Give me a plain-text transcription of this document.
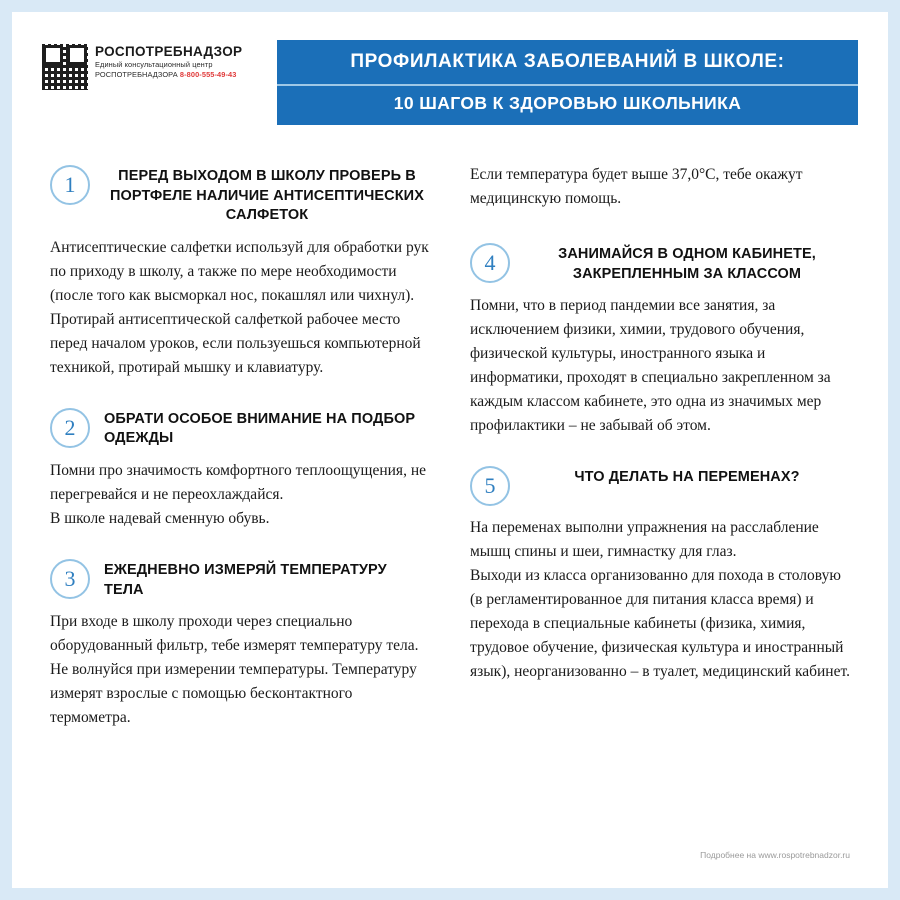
РОСПОТРЕБНАДЗОР
Единый консультационный центр
РОСПОТРЕБНАДЗОРА 8-800-555-49-43
ПРОФИЛАКТИКА ЗАБОЛЕВАНИЙ В ШКОЛЕ:
10 ШАГОВ К ЗДОРОВЬЮ ШКОЛЬНИКА
1	ПЕРЕД ВЫХОДОМ В ШКОЛУ ПРОВЕРЬ В ПОРТФЕЛЕ НАЛИЧИЕ АНТИСЕПТИЧЕСКИХ САЛФЕТОК

Антисептические салфетки используй для обработки рук по приходу в школу, а также по мере необходимости (после того как высморкал нос, покашлял или чихнул).

Протирай антисептической салфеткой рабочее место перед началом уроков, если пользуешься компьютерной техникой, протирай мышку и клавиатуру.

2	ОБРАТИ ОСОБОЕ ВНИМАНИЕ НА ПОДБОР ОДЕЖДЫ

Помни про значимость комфортного теплоощущения, не перегревайся и не переохлаждайся.

В школе надевай сменную обувь.

3	ЕЖЕДНЕВНО ИЗМЕРЯЙ ТЕМПЕРАТУРУ ТЕЛА

При входе в школу проходи через специально оборудованный фильтр, тебе измерят температуру тела.

Не волнуйся при измерении температуры. Температуру измерят взрослые с помощью бесконтактного термометра.

Если температура будет выше 37,0°С, тебе окажут медицинскую помощь.

4	ЗАНИМАЙСЯ В ОДНОМ КАБИНЕТЕ, ЗАКРЕПЛЕННЫМ ЗА КЛАССОМ

Помни, что в период пандемии все занятия, за исключением физики, химии, трудового обучения, физической культуры, иностранного языка и информатики, проходят в специально закрепленном за каждым классом кабинете, это одна из значимых мер профилактики – не забывай об этом.

5	ЧТО ДЕЛАТЬ НА ПЕРЕМЕНАХ?

На переменах выполни упражнения на расслабление мышц спины и шеи, гимнастку для глаз.

Выходи из класса организованно для похода в столовую (в регламентированное для питания класса время) и перехода в специальные кабинеты (физика, химия, трудовое обучение, физическая культура и иностранный язык), неорганизованно – в туалет, медицинский кабинет.

Подробнее на www.rospotrebnadzor.ru
